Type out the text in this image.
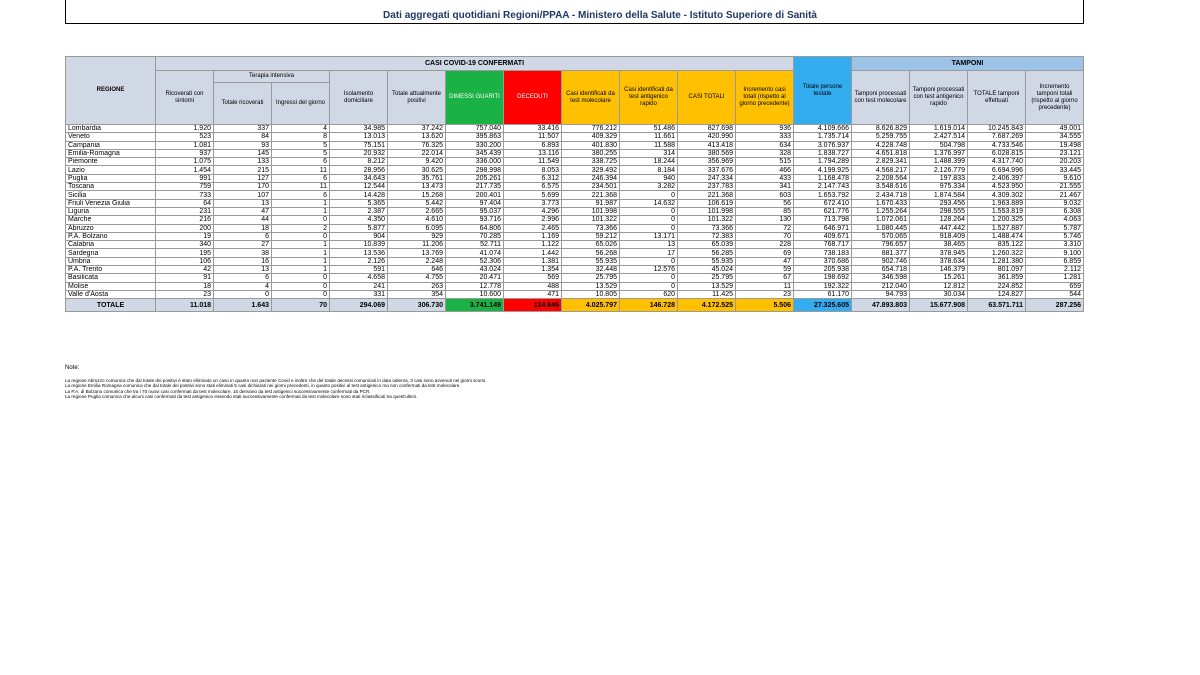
Dati aggregati quotidiani Regioni/PPAA - Ministero della Salute - Istituto Superiore di Sanità
REGIONE	CASI COVID-19 CONFERMATI											Totale persone testate	TAMPONI			
	Ricoverati con sintomi	Terapia intensiva		Isolamento domiciliare	Totale attualmente positivi	DIMESSI GUARITI	DECEDUTI	Casi identificati da test molecolare	Casi identificati da test antigenico rapido	CASI TOTALI	Incremento casi totali (rispetto al giorno precedente)		Tamponi processati con test molecolare	Tamponi processati con test antigenico rapido	TOTALE tamponi effettuati	Incremento tamponi totali (rispetto al giorno precedente)
		Totale ricoverati	Ingressi del giorno													
Lombardia	1.920	337	4	34.985	37.242	757.040	33.416	776.212	51.486	827.698	936	4.109.666	8.626.829	1.619.014	10.245.843	49.001
Veneto	523	84	8	13.013	13.620	395.863	11.507	409.329	11.661	420.990	333	1.735.714	5.259.755	2.427.514	7.687.269	34.555
Campania	1.081	93	5	75.151	76.325	330.200	6.893	401.830	11.588	413.418	634	3.076.937	4.228.748	504.798	4.733.546	19.498
Emilia-Romagna	937	145	5	20.932	22.014	345.439	13.116	380.255	314	380.569	328	1.838.727	4.651.818	1.376.997	6.028.815	23.121
Piemonte	1.075	133	6	8.212	9.420	336.000	11.549	338.725	18.244	356.969	515	1.794.289	2.829.341	1.488.399	4.317.740	20.203
Lazio	1.454	215	11	28.956	30.625	298.998	8.053	329.492	8.184	337.676	466	4.199.925	4.568.217	2.126.779	6.694.996	33.445
Puglia	991	127	6	34.643	35.761	205.261	6.312	246.394	940	247.334	433	1.168.478	2.208.564	197.833	2.406.397	9.610
Toscana	759	170	11	12.544	13.473	217.735	6.575	234.501	3.282	237.783	341	2.147.743	3.548.616	975.334	4.523.950	21.555
Sicilia	733	107	6	14.428	15.268	200.401	5.699	221.368	0	221.368	603	1.653.792	2.434.718	1.874.584	4.309.302	21.467
Friuli Venezia Giulia	64	13	1	5.365	5.442	97.404	3.773	91.987	14.632	106.619	56	672.410	1.670.433	293.456	1.963.889	9.032
Liguria	231	47	1	2.387	2.665	95.037	4.296	101.998	0	101.998	85	621.776	1.255.264	298.555	1.553.819	6.308
Marche	216	44	0	4.350	4.610	93.716	2.996	101.322	0	101.322	130	713.798	1.072.061	128.264	1.200.325	4.063
Abruzzo	200	18	2	5.877	6.095	64.806	2.465	73.366	0	73.366	72	646.971	1.080.445	447.442	1.527.887	5.787
P.A. Bolzano	19	6	0	904	929	70.285	1.169	59.212	13.171	72.383	70	409.671	570.065	918.409	1.488.474	5.746
Calabria	340	27	1	10.839	11.206	52.711	1.122	65.026	13	65.039	228	768.717	796.657	38.465	835.122	3.310
Sardegna	195	38	1	13.536	13.769	41.074	1.442	56.268	17	56.285	69	738.183	881.377	378.945	1.260.322	9.100
Umbria	106	16	1	2.126	2.248	52.306	1.381	55.935	0	55.935	47	370.686	902.746	378.634	1.281.380	6.859
P.A. Trento	42	13	1	591	646	43.024	1.354	32.448	12.576	45.024	59	205.938	654.718	146.379	801.097	2.112
Basilicata	91	6	0	4.658	4.755	20.471	569	25.795	0	25.795	67	198.692	346.598	15.261	361.859	1.281
Molise	18	4	0	241	263	12.778	488	13.529	0	13.529	11	192.322	212.040	12.812	224.852	659
Valle d'Aosta	23	0	0	331	354	10.600	471	10.805	620	11.425	23	61.170	94.793	30.034	124.827	544
TOTALE	11.018	1.643	70	294.069	306.730	3.741.149	124.646	4.025.797	146.728	4.172.525	5.506	27.325.605	47.893.803	15.677.908	63.571.711	287.256
Note:
La regione Abruzzo comunica che dal totale dei positivi è stato eliminato un caso in quanto non paziente Covid e inoltre che del totale decessi comunicati in data odierna, 3 casi sono avvenuti nei giorni scorsi.
La regione Emilia Romagna comunica che dal totale dei positivi sono stati eliminati 5 casi dichiarati nei giorni precedenti, in quanto positivi al test antigenico ma non confermati da test molecolare.
La P.A. di Bolzano comunica che tra i 70 nuovi casi confermati da test molecolare, 15 derivano da test antigenici successivamente confermati da PCR.
La regione Puglia comunica che alcuni casi confermati da test antigenico essendo stati successivamente confermati da test molecolare sono stati riclassificati tra quest'ultimi.
